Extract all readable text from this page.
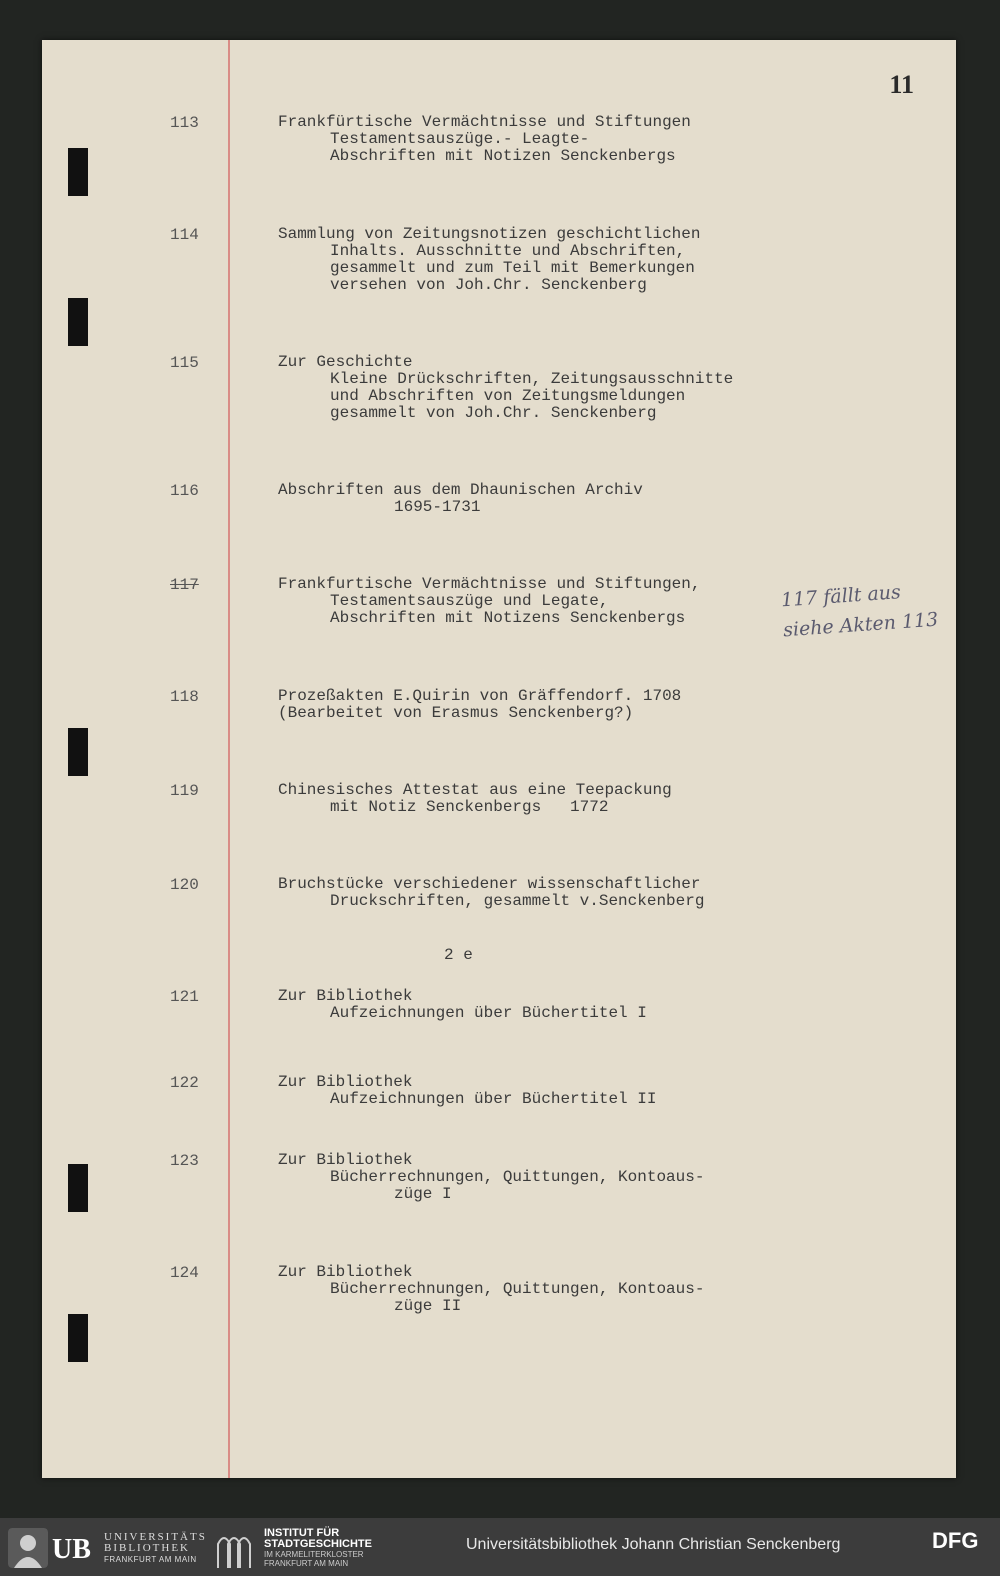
11
113	Frankfürtische Vermächtnisse und Stiftungen
Testamentsauszüge.- Leagte-
Abschriften mit Notizen Senckenbergs
114	Sammlung von Zeitungsnotizen geschichtlichen
Inhalts. Ausschnitte und Abschriften,
gesammelt und zum Teil mit Bemerkungen
versehen von Joh.Chr. Senckenberg
115	Zur Geschichte
Kleine Drückschriften, Zeitungsausschnitte
und Abschriften von Zeitungsmeldungen
gesammelt von Joh.Chr. Senckenberg
116	Abschriften aus dem Dhaunischen Archiv
1695-1731
117	Frankfurtische Vermächtnisse und Stiftungen,
Testamentsauszüge und Legate,
Abschriften mit Notizens Senckenbergs
117 fällt aus
siehe Akten 113
118	Prozeßakten E.Quirin von Gräffendorf. 1708
(Bearbeitet von Erasmus Senckenberg?)
119	Chinesisches Attestat aus eine Teepackung
mit Notiz Senckenbergs   1772
120	Bruchstücke verschiedener wissenschaftlicher
Druckschriften, gesammelt v.Senckenberg
2 e
121	Zur Bibliothek
Aufzeichnungen über Büchertitel I
122	Zur Bibliothek
Aufzeichnungen über Büchertitel II
123	Zur Bibliothek
Bücherrechnungen, Quittungen, Kontoaus-
züge I
124	Zur Bibliothek
Bücherrechnungen, Quittungen, Kontoaus-
züge II
UB UNIVERSITÄTS
BIBLIOTHEK
FRANKFURT AM MAIN
INSTITUT FÜR
STADTGESCHICHTE
IM KARMELITERKLOSTER
FRANKFURT AM MAIN
Universitätsbibliothek Johann Christian Senckenberg	DFG
